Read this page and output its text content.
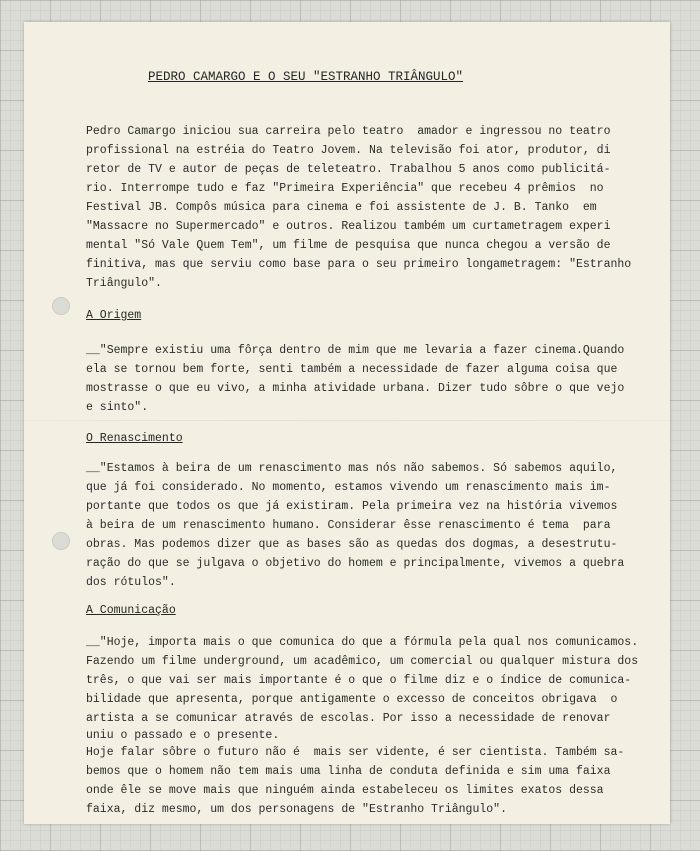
PEDRO CAMARGO E O SEU "ESTRANHO TRIÂNGULO"
Pedro Camargo iniciou sua carreira pelo teatro  amador e ingressou no teatro
profissional na estréia do Teatro Jovem. Na televisão foi ator, produtor, di
retor de TV e autor de peças de teleteatro. Trabalhou 5 anos como publicitá-
rio. Interrompe tudo e faz "Primeira Experiência" que recebeu 4 prêmios  no
Festival JB. Compôs música para cinema e foi assistente de J. B. Tanko  em
"Massacre no Supermercado" e outros. Realizou também um curtametragem experi
mental "Só Vale Quem Tem", um filme de pesquisa que nunca chegou a versão de
finitiva, mas que serviu como base para o seu primeiro longametragem: "Estranho
Triângulo".
A Origem
__"Sempre existiu uma fôrça dentro de mim que me levaria a fazer cinema.Quando
ela se tornou bem forte, senti também a necessidade de fazer alguma coisa que
mostrasse o que eu vivo, a minha atividade urbana. Dizer tudo sôbre o que vejo
e sinto".
O Renascimento
__"Estamos à beira de um renascimento mas nós não sabemos. Só sabemos aquilo,
que já foi considerado. No momento, estamos vivendo um renascimento mais im-
portante que todos os que já existiram. Pela primeira vez na história vivemos
à beira de um renascimento humano. Considerar êsse renascimento é tema  para
obras. Mas podemos dizer que as bases são as quedas dos dogmas, a desestrutu-
ração do que se julgava o objetivo do homem e principalmente, vivemos a quebra
dos rótulos".
A Comunicação
__"Hoje, importa mais o que comunica do que a fórmula pela qual nos comunicamos.
Fazendo um filme underground, um acadêmico, um comercial ou qualquer mistura dos
três, o que vai ser mais importante é o que o filme diz e o índice de comunica-
bilidade que apresenta, porque antigamente o excesso de conceitos obrigava  o
artista a se comunicar através de escolas. Por isso a necessidade de renovar
uniu o passado e o presente.
Hoje falar sôbre o futuro não é  mais ser vidente, é ser cientista. Também sa-
bemos que o homem não tem mais uma linha de conduta definida e sim uma faixa
onde êle se move mais que ninguém ainda estabeleceu os limites exatos dessa
faixa, diz mesmo, um dos personagens de "Estranho Triângulo".
